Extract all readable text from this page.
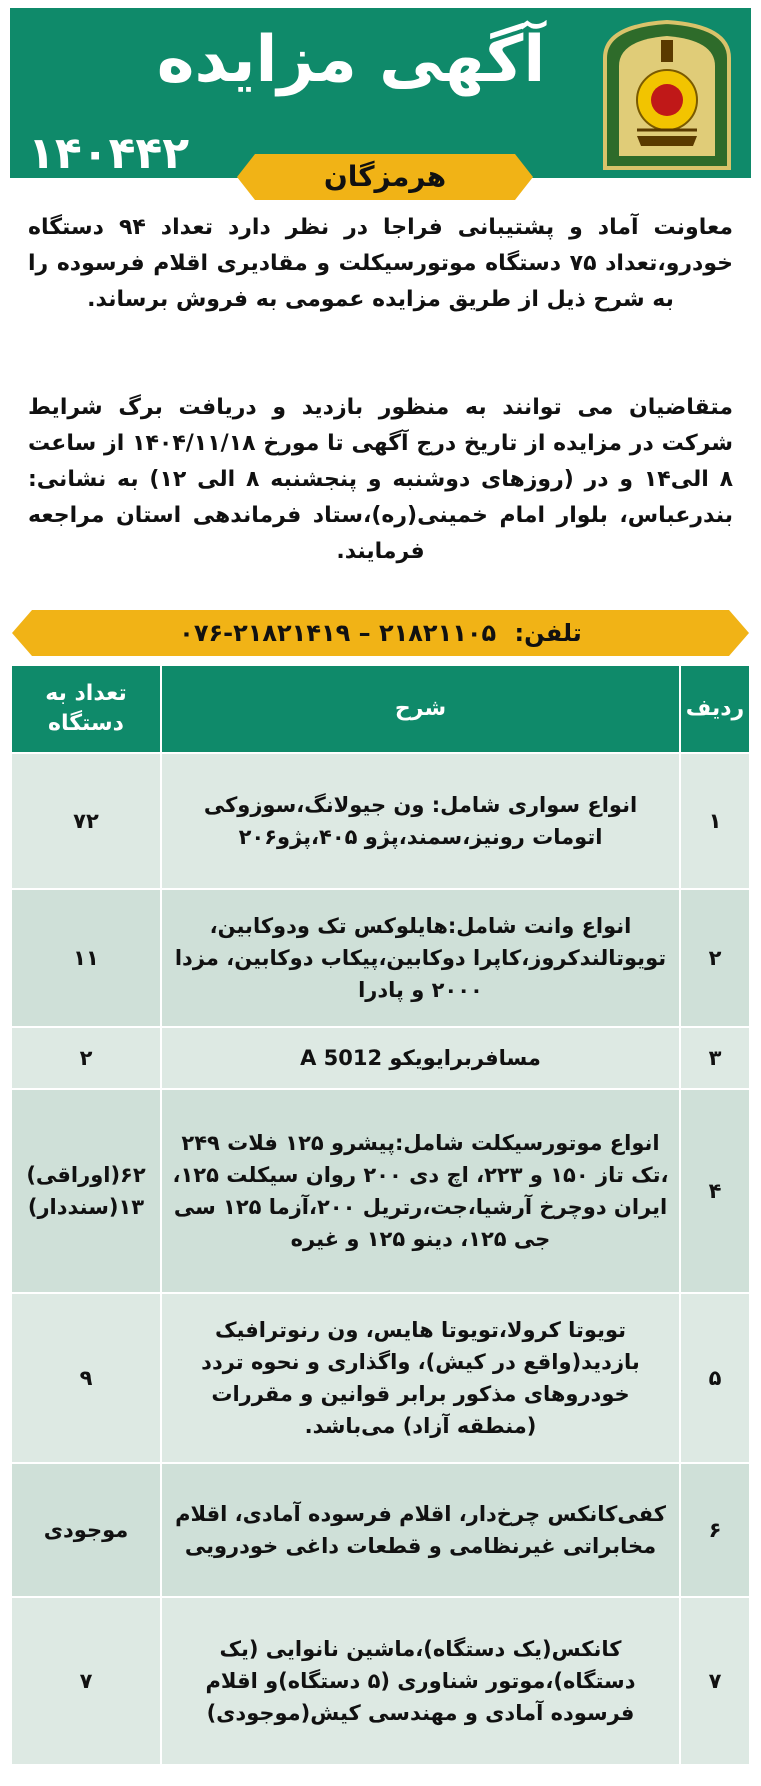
آگهی مزایده
۱۴۰۴۴۲	هرمزگان
معاونت آماد و پشتیبانی فراجا در نظر دارد تعداد ۹۴ دستگاه خودرو،تعداد ۷۵ دستگاه موتورسیکلت و مقادیری اقلام فرسوده را به شرح ذیل از طریق مزایده عمومی به فروش برساند.
متقاضیان می توانند به منظور بازدید و دریافت برگ شرایط شرکت در مزایده از تاریخ درج آگهی تا مورخ ۱۴۰۴/۱۱/۱۸ از ساعت ۸ الی۱۴ و در (روزهای دوشنبه و پنجشنبه ۸ الی ۱۲) به نشانی: بندرعباس، بلوار امام خمینی(ره)،ستاد فرماندهی استان مراجعه فرمایند.
تلفن: ۰۷۶-۲۱۸۲۱۴۱۹ – ۲۱۸۲۱۱۰۵
ردیف	شرح	تعداد به دستگاه
۱	انواع سواری شامل: ون جیولانگ،سوزوکی اتومات رونیز،سمند،پژو ۴۰۵،پژو۲۰۶	۷۲
۲	انواع وانت شامل:هایلوکس تک ودوکابین، تویوتالندکروز،کاپرا دوکابین،پیکاب دوکابین، مزدا ۲۰۰۰ و پادرا	۱۱
۳	مسافربرایویکو A 5012	۲
۴	انواع موتورسیکلت شامل:پیشرو ۱۲۵ فلات ۲۴۹ ،تک تاز ۱۵۰ و ۲۲۳، اچ دی ۲۰۰ روان سیکلت ۱۲۵، ایران دوچرخ آرشیا،جت،رتریل ۲۰۰،آزما ۱۲۵ سی جی ۱۲۵، دینو ۱۲۵ و غیره	۶۲(اوراقی) ۱۳(سنددار)
۵	تویوتا کرولا،تویوتا هایس، ون رنوترافیک بازدید(واقع در کیش)، واگذاری و نحوه تردد خودروهای مذکور برابر قوانین و مقررات (منطقه آزاد) می‌باشد.	۹
۶	کفی‌کانکس چرخ‌دار، اقلام فرسوده آمادی، اقلام مخابراتی غیرنظامی و قطعات داغی خودرویی	موجودی
۷	کانکس(یک دستگاه)،ماشین نانوایی (یک دستگاه)،موتور شناوری (۵ دستگاه)و اقلام فرسوده آمادی و مهندسی کیش(موجودی)	۷
